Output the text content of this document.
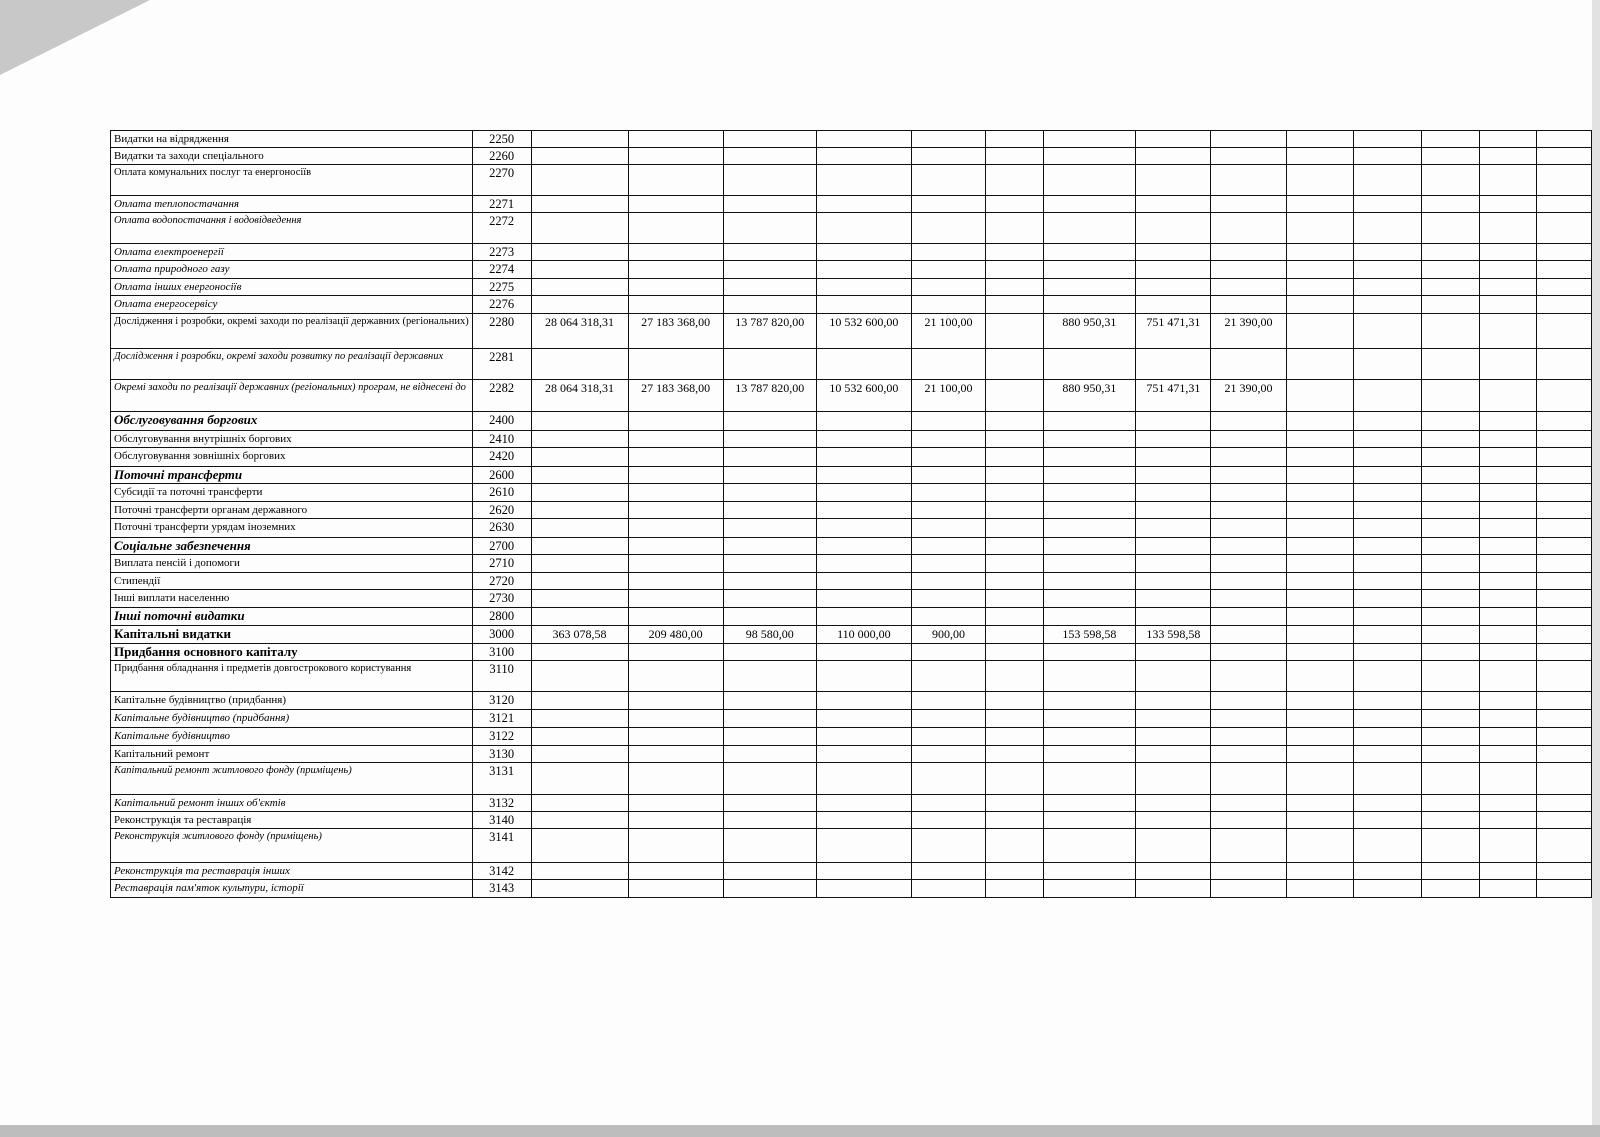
Видатки на відрядження	2250														
Видатки та заходи спеціального	2260														
Оплата комунальних послуг та енергоносіїв	2270														
Оплата теплопостачання	2271														
Оплата водопостачання і водовідведення	2272														
Оплата електроенергії	2273														
Оплата природного газу	2274														
Оплата інших енергоносіїв	2275														
Оплата енергосервісу	2276														
Дослідження і розробки, окремі заходи по реалізації державних (регіональних)	2280	28 064 318,31	27 183 368,00	13 787 820,00	10 532 600,00	21 100,00		880 950,31	751 471,31	21 390,00					
Дослідження і розробки, окремі заходи розвитку по реалізації державних	2281														
Окремі заходи по реалізації державних (регіональних) програм, не віднесені до	2282	28 064 318,31	27 183 368,00	13 787 820,00	10 532 600,00	21 100,00		880 950,31	751 471,31	21 390,00					
Обслуговування боргових	2400														
Обслуговування внутрішніх боргових	2410														
Обслуговування зовнішніх боргових	2420														
Поточні трансферти	2600														
Субсидії та поточні трансферти	2610														
Поточні трансферти органам державного	2620														
Поточні трансферти урядам іноземних	2630														
Соціальне забезпечення	2700														
Виплата пенсій і допомоги	2710														
Стипендії	2720														
Інші виплати населенню	2730														
Інші поточні видатки	2800														
Капітальні видатки	3000	363 078,58	209 480,00	98 580,00	110 000,00	900,00		153 598,58	133 598,58						
Придбання основного капіталу	3100														
Придбання обладнання і предметів довгострокового користування	3110														
Капітальне будівництво (придбання)	3120														
Капітальне будівництво (придбання)	3121														
Капітальне будівництво	3122														
Капітальний ремонт	3130														
Капітальний ремонт житлового фонду (приміщень)	3131														
Капітальний ремонт інших об'єктів	3132														
Реконструкція та реставрація	3140														
Реконструкція житлового фонду (приміщень)	3141														
Реконструкція та реставрація інших	3142														
Реставрація пам'яток культури, історії	3143														
